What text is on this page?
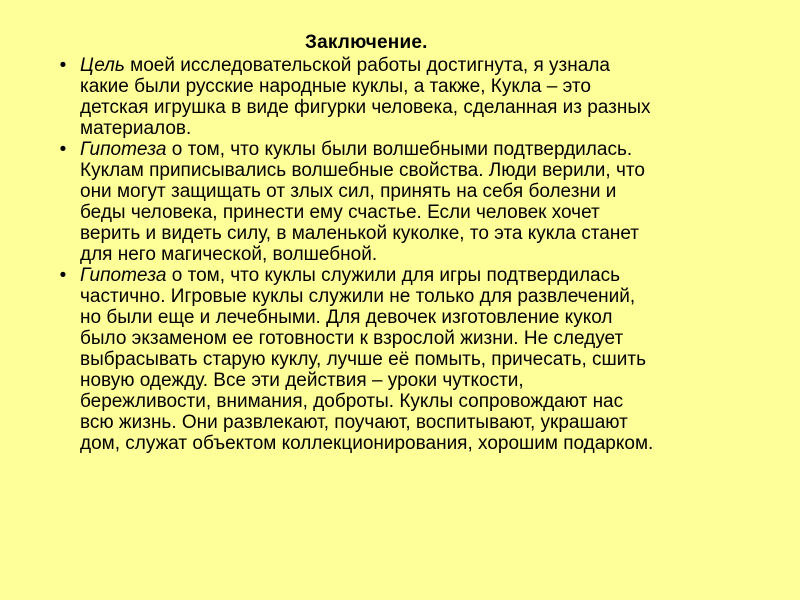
Заключение.
• Цель моей исследовательской работы достигнута, я узнала
какие были русские народные куклы, а также, Кукла – это
детская игрушка в виде фигурки человека, сделанная из разных
материалов.
• Гипотеза о том, что куклы были волшебными подтвердилась.
Куклам приписывались волшебные свойства. Люди верили, что
они могут защищать от злых сил, принять на себя болезни и
беды человека, принести ему счастье. Если человек хочет
верить и видеть силу, в маленькой куколке, то эта кукла станет
для него магической, волшебной.
• Гипотеза о том, что куклы служили для игры подтвердилась
частично. Игровые куклы служили не только для развлечений,
но были еще и лечебными. Для девочек изготовление кукол
было экзаменом ее готовности к взрослой жизни. Не следует
выбрасывать старую куклу, лучше её помыть, причесать, сшить
новую одежду. Все эти действия – уроки чуткости,
бережливости, внимания, доброты. Куклы сопровождают нас
всю жизнь. Они развлекают, поучают, воспитывают, украшают
дом, служат объектом коллекционирования, хорошим подарком.
